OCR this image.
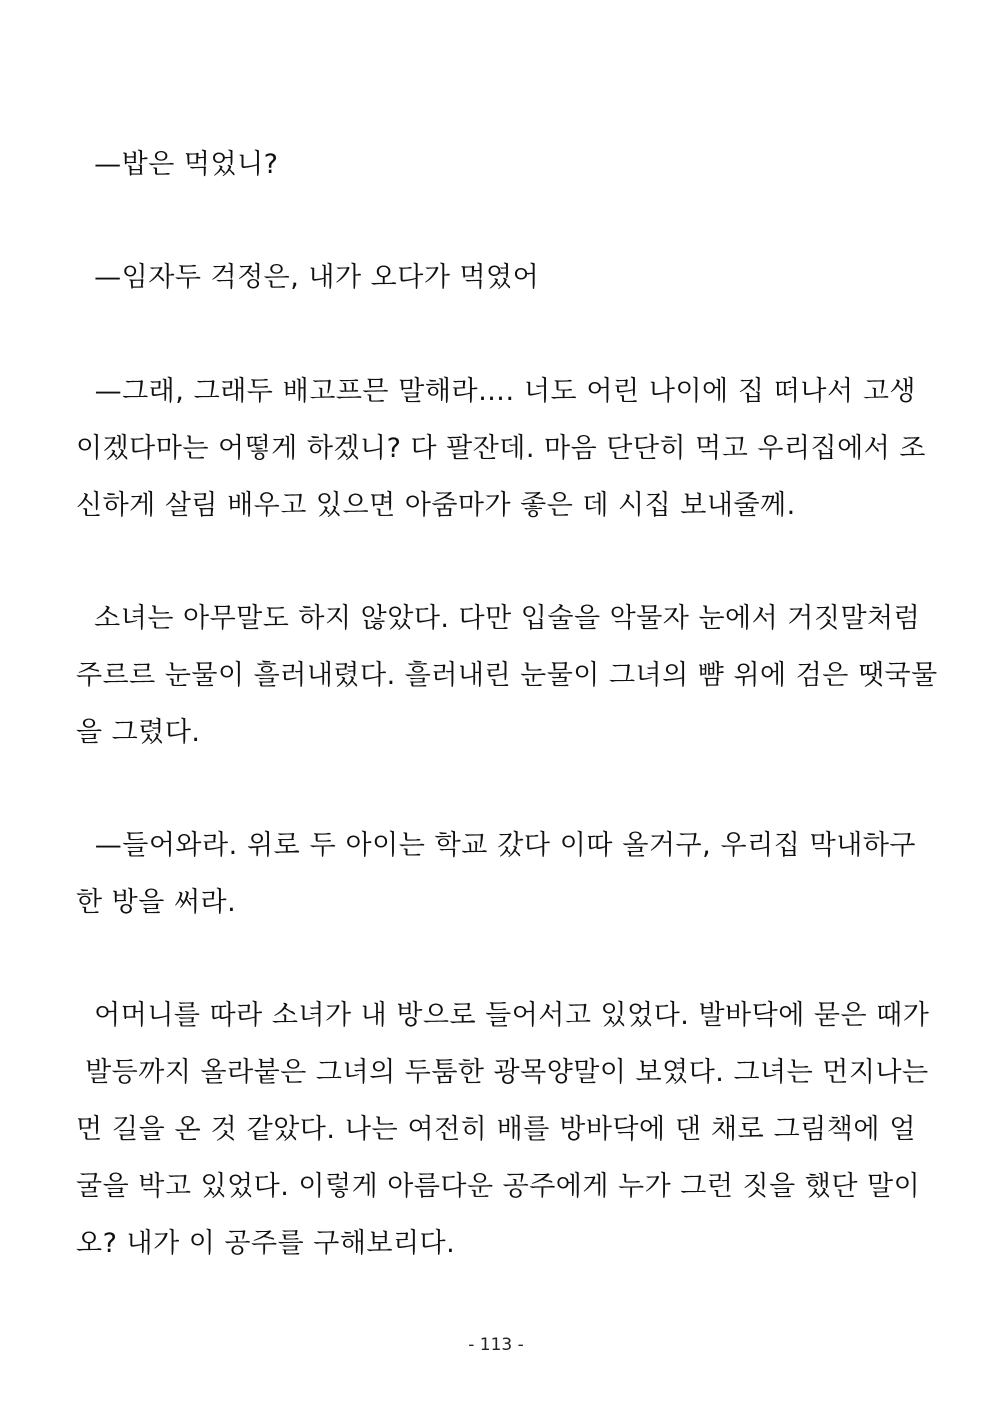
—밥은 먹었니?
—임자두 걱정은, 내가 오다가 먹였어
—그래, 그래두 배고프믄 말해라…. 너도 어린 나이에 집 떠나서 고생
이겠다마는 어떻게 하겠니? 다 팔잔데. 마음 단단히 먹고 우리집에서 조
신하게 살림 배우고 있으면 아줌마가 좋은 데 시집 보내줄께.
소녀는 아무말도 하지 않았다. 다만 입술을 악물자 눈에서 거짓말처럼
주르르 눈물이 흘러내렸다. 흘러내린 눈물이 그녀의 뺨 위에 검은 땟국물
을 그렸다.
—들어와라. 위로 두 아이는 학교 갔다 이따 올거구, 우리집 막내하구
한 방을 써라.
어머니를 따라 소녀가 내 방으로 들어서고 있었다. 발바닥에 묻은 때가
발등까지 올라붙은 그녀의 두툼한 광목양말이 보였다. 그녀는 먼지나는
먼 길을 온 것 같았다. 나는 여전히 배를 방바닥에 댄 채로 그림책에 얼
굴을 박고 있었다. 이렇게 아름다운 공주에게 누가 그런 짓을 했단 말이
오? 내가 이 공주를 구해보리다.
- 113 -
